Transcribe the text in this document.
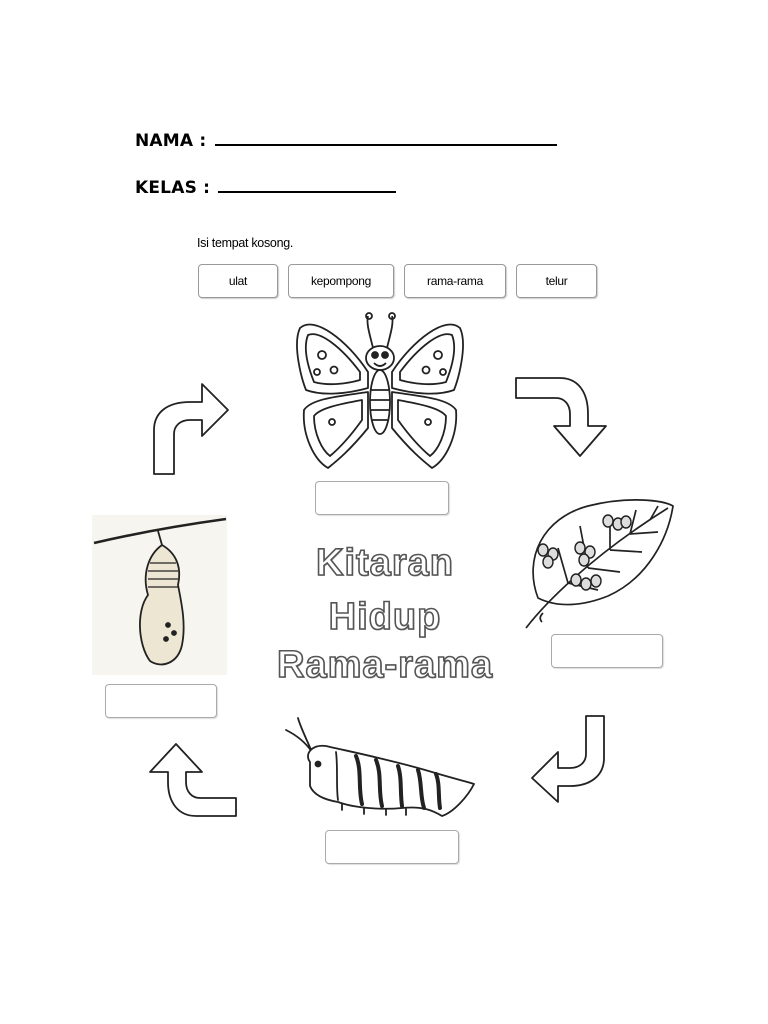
NAMA :
KELAS :
Isi tempat kosong.
ulat	kepompong	rama-rama	telur
Kitaran
Hidup
Rama-rama
